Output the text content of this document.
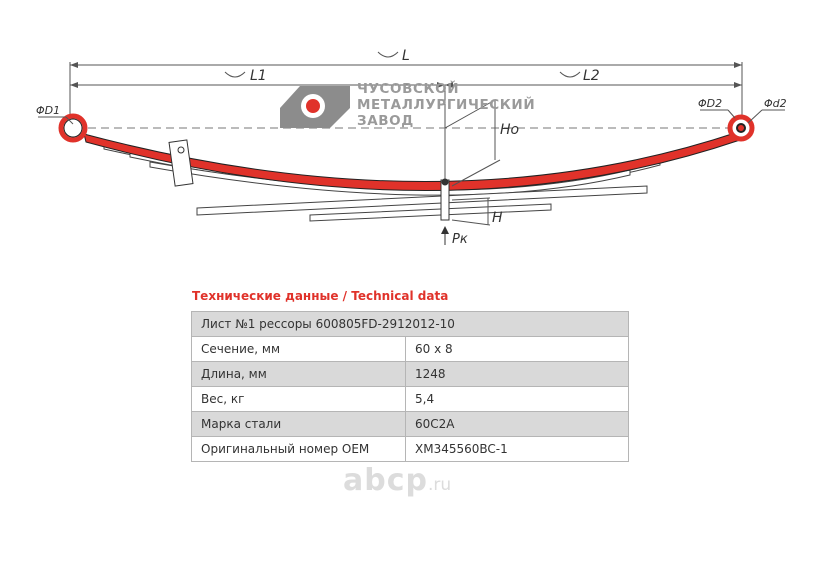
L
L1	L2
Ho
H
Pк
ΦD1
ΦD2	Φd2
ЧУСОВСКОЙ
МЕТАЛЛУРГИЧЕСКИЙ
ЗАВОД
Технические данные / Technical data
Лист №1 рессоры 600805FD-2912012-10	
Сечение, мм	60 x 8
Длина, мм	1248
Вес, кг	5,4
Марка стали	60C2A
Оригинальный номер OEM	XM345560BC-1
abcp.ru
